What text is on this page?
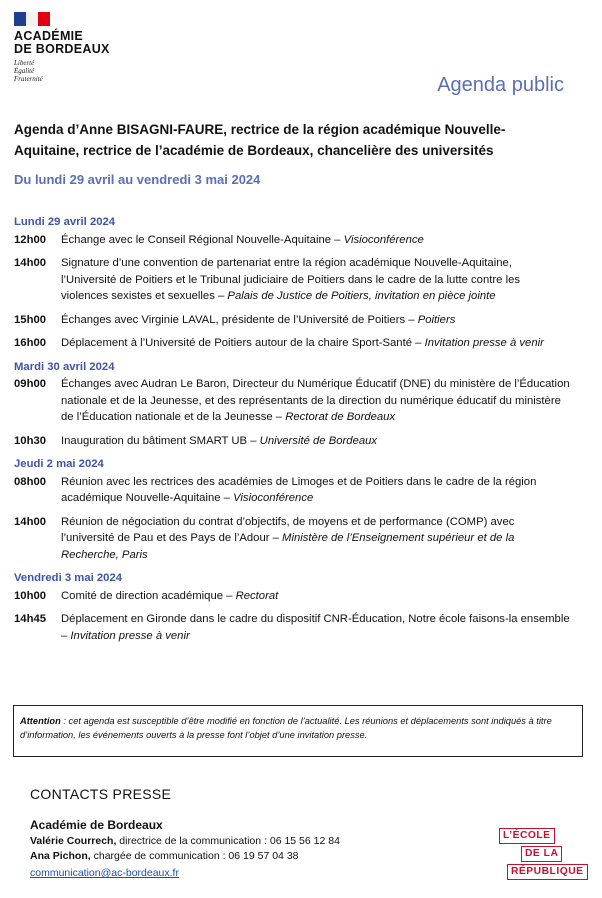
ACADÉMIE
DE BORDEAUX
Liberté
Égalité
Fraternité	Agenda public
Agenda d’Anne BISAGNI-FAURE, rectrice de la région académique Nouvelle-Aquitaine, rectrice de l’académie de Bordeaux, chancelière des universités
Du lundi 29 avril au vendredi 3 mai 2024
Lundi 29 avril 2024
12h00	Échange avec le Conseil Régional Nouvelle-Aquitaine – Visioconférence
14h00	Signature d’une convention de partenariat entre la région académique Nouvelle-Aquitaine, l’Université de Poitiers et le Tribunal judiciaire de Poitiers dans le cadre de la lutte contre les violences sexistes et sexuelles – Palais de Justice de Poitiers, invitation en pièce jointe
15h00	Échanges avec Virginie LAVAL, présidente de l’Université de Poitiers – Poitiers
16h00 Déplacement à l’Université de Poitiers autour de la chaire Sport-Santé – Invitation presse à venir
Mardi 30 avril 2024
09h00	Échanges avec Audran Le Baron, Directeur du Numérique Éducatif (DNE) du ministère de l’Éducation nationale et de la Jeunesse, et des représentants de la direction du numérique éducatif du ministère de l’Éducation nationale et de la Jeunesse – Rectorat de Bordeaux
10h30	Inauguration du bâtiment SMART UB – Université de Bordeaux
Jeudi 2 mai 2024
08h00	Réunion avec les rectrices des académies de Limoges et de Poitiers dans le cadre de la région académique Nouvelle-Aquitaine – Visioconférence
14h00	Réunion de négociation du contrat d’objectifs, de moyens et de performance (COMP) avec l’université de Pau et des Pays de l’Adour – Ministère de l’Enseignement supérieur et de la Recherche, Paris
Vendredi 3 mai 2024
10h00	Comité de direction académique – Rectorat
14h45	Déplacement en Gironde dans le cadre du dispositif CNR-Éducation, Notre école faisons-la ensemble – Invitation presse à venir
Attention : cet agenda est susceptible d’être modifié en fonction de l’actualité. Les réunions et déplacements sont indiqués à titre d’information, les événements ouverts à la presse font l’objet d’une invitation presse.
CONTACTS PRESSE
Académie de Bordeaux
Valérie Courrech, directrice de la communication : 06 15 56 12 84
Ana Pichon, chargée de communication : 06 19 57 04 38
communication@ac-bordeaux.fr
L’ÉCOLE
DE LA
RÉPUBLIQUE
